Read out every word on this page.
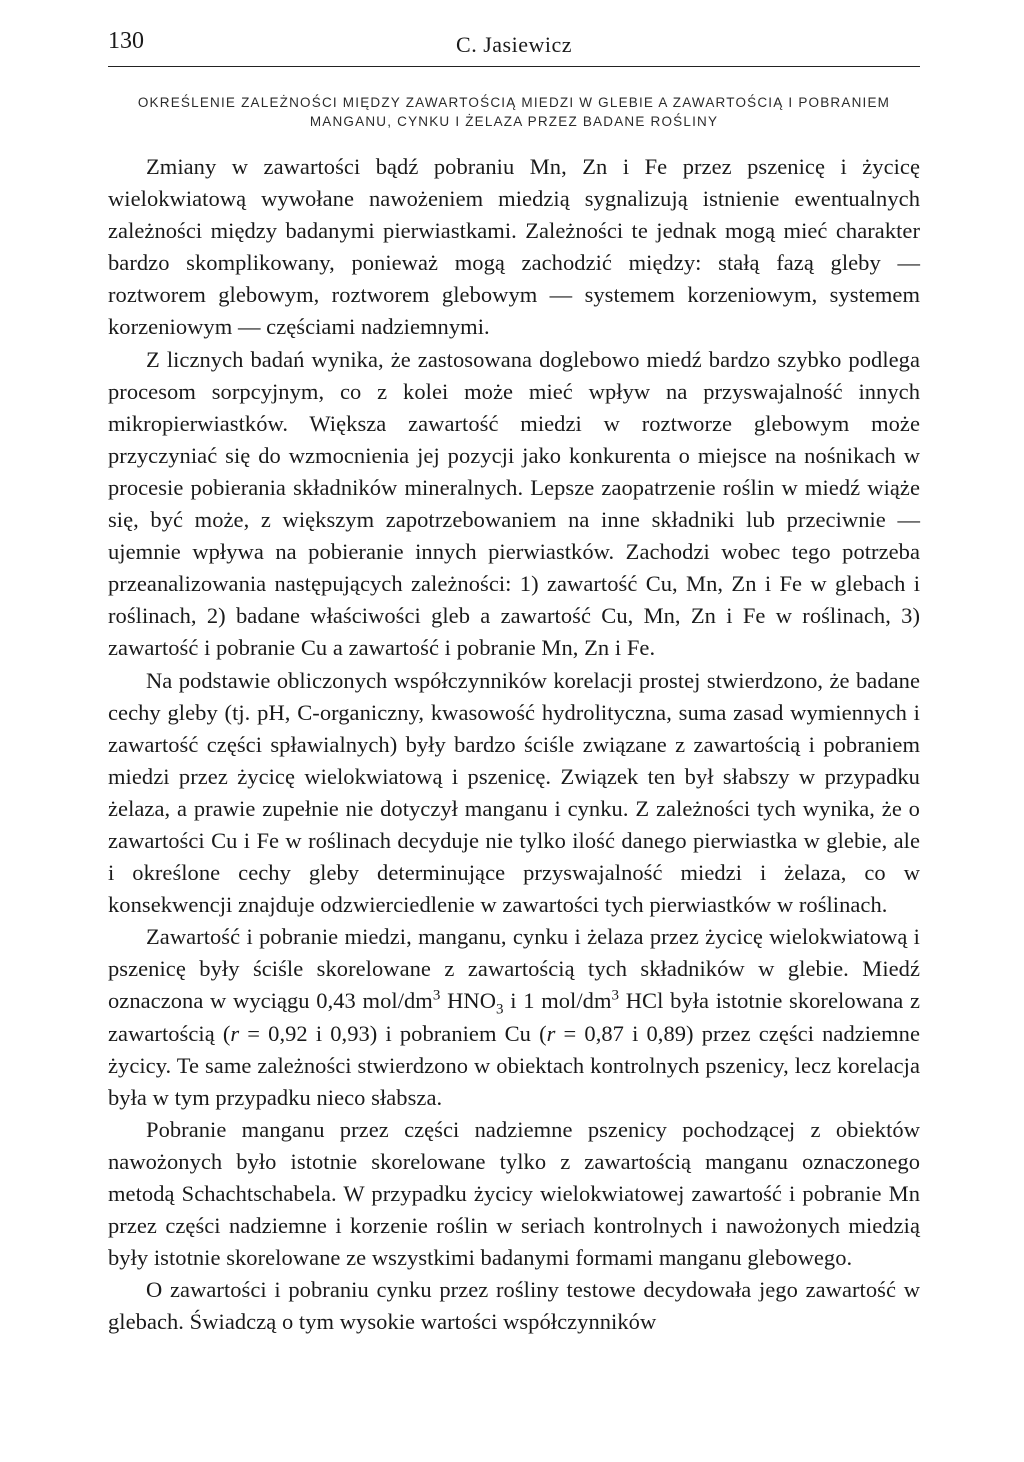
130	C. Jasiewicz
OKREŚLENIE ZALEŻNOŚCI MIĘDZY ZAWARTOŚCIĄ MIEDZI W GLEBIE A ZAWARTOŚCIĄ I POBRANIEM MANGANU, CYNKU I ŻELAZA PRZEZ BADANE ROŚLINY

Zmiany w zawartości bądź pobraniu Mn, Zn i Fe przez pszenicę i życicę wielokwiatową wywołane nawożeniem miedzią sygnalizują istnienie ewentualnych zależności między badanymi pierwiastkami. Zależności te jednak mogą mieć charakter bardzo skomplikowany, ponieważ mogą zachodzić między: stałą fazą gleby — roztworem glebowym, roztworem glebowym — systemem korzeniowym, systemem korzeniowym — częściami nadziemnymi.

Z licznych badań wynika, że zastosowana doglebowo miedź bardzo szybko podlega procesom sorpcyjnym, co z kolei może mieć wpływ na przyswajalność innych mikropierwiastków. Większa zawartość miedzi w roztworze glebowym może przyczyniać się do wzmocnienia jej pozycji jako konkurenta o miejsce na nośnikach w procesie pobierania składników mineralnych. Lepsze zaopatrzenie roślin w miedź wiąże się, być może, z większym zapotrzebowaniem na inne składniki lub przeciwnie — ujemnie wpływa na pobieranie innych pierwiastków. Zachodzi wobec tego potrzeba przeanalizowania następujących zależności: 1) zawartość Cu, Mn, Zn i Fe w glebach i roślinach, 2) badane właściwości gleb a zawartość Cu, Mn, Zn i Fe w roślinach, 3) zawartość i pobranie Cu a zawartość i pobranie Mn, Zn i Fe.

Na podstawie obliczonych współczynników korelacji prostej stwierdzono, że badane cechy gleby (tj. pH, C-organiczny, kwasowość hydrolityczna, suma zasad wymiennych i zawartość części spławialnych) były bardzo ściśle związane z zawartością i pobraniem miedzi przez życicę wielokwiatową i pszenicę. Związek ten był słabszy w przypadku żelaza, a prawie zupełnie nie dotyczył manganu i cynku. Z zależności tych wynika, że o zawartości Cu i Fe w roślinach decyduje nie tylko ilość danego pierwiastka w glebie, ale i określone cechy gleby determinujące przyswajalność miedzi i żelaza, co w konsekwencji znajduje odzwierciedlenie w zawartości tych pierwiastków w roślinach.

Zawartość i pobranie miedzi, manganu, cynku i żelaza przez życicę wielokwiatową i pszenicę były ściśle skorelowane z zawartością tych składników w glebie. Miedź oznaczona w wyciągu 0,43 mol/$dm^3$ $HNO_3$ i 1 mol/$dm^3$ HCl była istotnie skorelowana z zawartością (r = 0,92 i 0,93) i pobraniem Cu (r = 0,87 i 0,89) przez części nadziemne życicy. Te same zależności stwierdzono w obiektach kontrolnych pszenicy, lecz korelacja była w tym przypadku nieco słabsza.

Pobranie manganu przez części nadziemne pszenicy pochodzącej z obiektów nawożonych było istotnie skorelowane tylko z zawartością manganu oznaczonego metodą Schachtschabela. W przypadku życicy wielokwiatowej zawartość i pobranie Mn przez części nadziemne i korzenie roślin w seriach kontrolnych i nawożonych miedzią były istotnie skorelowane ze wszystkimi badanymi formami manganu glebowego.

O zawartości i pobraniu cynku przez rośliny testowe decydowała jego zawartość w glebach. Świadczą o tym wysokie wartości współczynników
